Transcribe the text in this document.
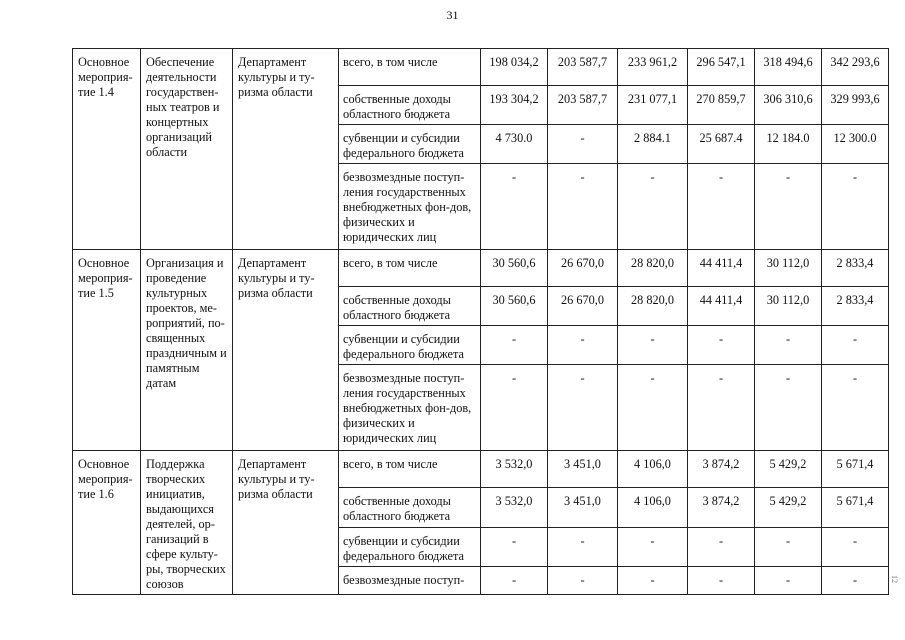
31
Основное мероприя-тие 1.4	Обеспечение деятельности государствен-ных театров и концертных организаций области	Департамент культуры и ту-ризма области	всего, в том числе	198 034,2	203 587,7	233 961,2	296 547,1	318 494,6	342 293,6
			собственные доходы областного бюджета	193 304,2	203 587,7	231 077,1	270 859,7	306 310,6	329 993,6
			субвенции и субсидии федерального бюджета	4 730.0	-	2 884.1	25 687.4	12 184.0	12 300.0
			безвозмездные поступ-ления государственных внебюджетных фон-дов, физических и юридических лиц	-	-	-	-	-	-
Основное мероприя-тие 1.5	Организация и проведение культурных проектов, ме-роприятий, по-священных праздничным и памятным датам	Департамент культуры и ту-ризма области	всего, в том числе	30 560,6	26 670,0	28 820,0	44 411,4	30 112,0	2 833,4
			собственные доходы областного бюджета	30 560,6	26 670,0	28 820,0	44 411,4	30 112,0	2 833,4
			субвенции и субсидии федерального бюджета	-	-	-	-	-	-
			безвозмездные поступ-ления государственных внебюджетных фон-дов, физических и юридических лиц	-	-	-	-	-	-
Основное мероприя-тие 1.6	Поддержка творческих инициатив, выдающихся деятелей, ор-ганизаций в сфере культу-ры, творческих союзов	Департамент культуры и ту-ризма области	всего, в том числе	3 532,0	3 451,0	4 106,0	3 874,2	5 429,2	5 671,4
			собственные доходы областного бюджета	3 532,0	3 451,0	4 106,0	3 874,2	5 429,2	5 671,4
			субвенции и субсидии федерального бюджета	-	-	-	-	-	-
			безвозмездные поступ-	-	-	-	-	-	-	12
